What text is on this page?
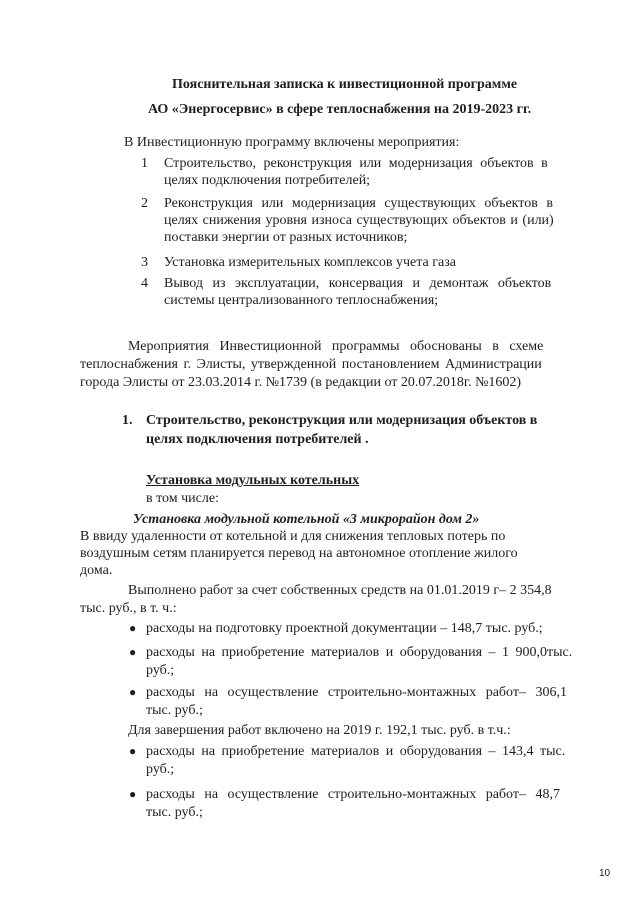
Пояснительная записка к инвестиционной программе
АО «Энергосервис» в сфере теплоснабжения на 2019-2023 гг.
В Инвестиционную программу включены мероприятия:
1 Строительство, реконструкция или модернизация объектов в
целях подключения потребителей;
2 Реконструкция или модернизация существующих объектов в
целях снижения уровня износа существующих объектов и (или)
поставки энергии от разных источников;
3 Установка измерительных комплексов учета газа
4 Вывод из эксплуатации, консервация и демонтаж объектов
системы централизованного теплоснабжения;
Мероприятия Инвестиционной программы обоснованы в схеме
теплоснабжения г. Элисты, утвержденной постановлением Администрации
города Элисты от 23.03.2014 г. №1739 (в редакции от 20.07.2018г. №1602)
1. Строительство, реконструкция или модернизация объектов в
целях подключения потребителей .
Установка модульных котельных
в том числе:
Установка модульной котельной «3 микрорайон дом 2»
В ввиду удаленности от котельной и для снижения тепловых потерь по
воздушным сетям планируется перевод на автономное отопление жилого
дома.
Выполнено работ за счет собственных средств на 01.01.2019 г– 2 354,8
тыс. руб., в т. ч.:
● расходы на подготовку проектной документации – 148,7 тыс. руб.;
● расходы на приобретение материалов и оборудования – 1 900,0тыс.
руб.;
● расходы на осуществление строительно-монтажных работ– 306,1
тыс. руб.;
Для завершения работ включено на 2019 г. 192,1 тыс. руб. в т.ч.:
● расходы на приобретение материалов и оборудования – 143,4 тыс.
руб.;
● расходы на осуществление строительно-монтажных работ– 48,7
тыс. руб.;
10
